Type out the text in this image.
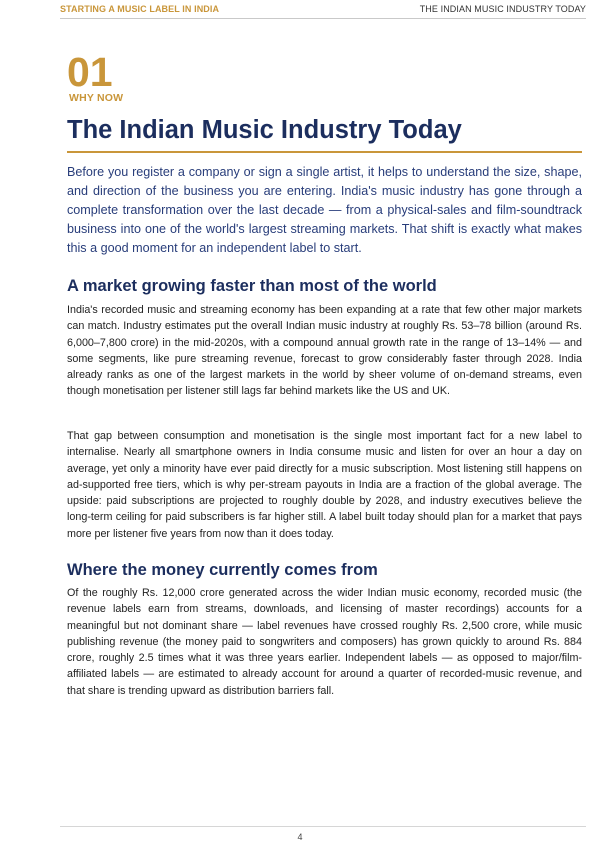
STARTING A MUSIC LABEL IN INDIA	THE INDIAN MUSIC INDUSTRY TODAY
01
WHY NOW
The Indian Music Industry Today

Before you register a company or sign a single artist, it helps to understand the size, shape, and direction of the business you are entering. India's music industry has gone through a complete transformation over the last decade — from a physical-sales and film-soundtrack business into one of the world's largest streaming markets. That shift is exactly what makes this a good moment for an independent label to start.

A market growing faster than most of the world

India's recorded music and streaming economy has been expanding at a rate that few other major markets can match. Industry estimates put the overall Indian music industry at roughly Rs. 53–78 billion (around Rs. 6,000–7,800 crore) in the mid-2020s, with a compound annual growth rate in the range of 13–14% — and some segments, like pure streaming revenue, forecast to grow considerably faster through 2028. India already ranks as one of the largest markets in the world by sheer volume of on-demand streams, even though monetisation per listener still lags far behind markets like the US and UK.

That gap between consumption and monetisation is the single most important fact for a new label to internalise. Nearly all smartphone owners in India consume music and listen for over an hour a day on average, yet only a minority have ever paid directly for a music subscription. Most listening still happens on ad-supported free tiers, which is why per-stream payouts in India are a fraction of the global average. The upside: paid subscriptions are projected to roughly double by 2028, and industry executives believe the long-term ceiling for paid subscribers is far higher still. A label built today should plan for a market that pays more per listener five years from now than it does today.

Where the money currently comes from

Of the roughly Rs. 12,000 crore generated across the wider Indian music economy, recorded music (the revenue labels earn from streams, downloads, and licensing of master recordings) accounts for a meaningful but not dominant share — label revenues have crossed roughly Rs. 2,500 crore, while music publishing revenue (the money paid to songwriters and composers) has grown quickly to around Rs. 884 crore, roughly 2.5 times what it was three years earlier. Independent labels — as opposed to major/film-affiliated labels — are estimated to already account for around a quarter of recorded-music revenue, and that share is trending upward as distribution barriers fall.

4
